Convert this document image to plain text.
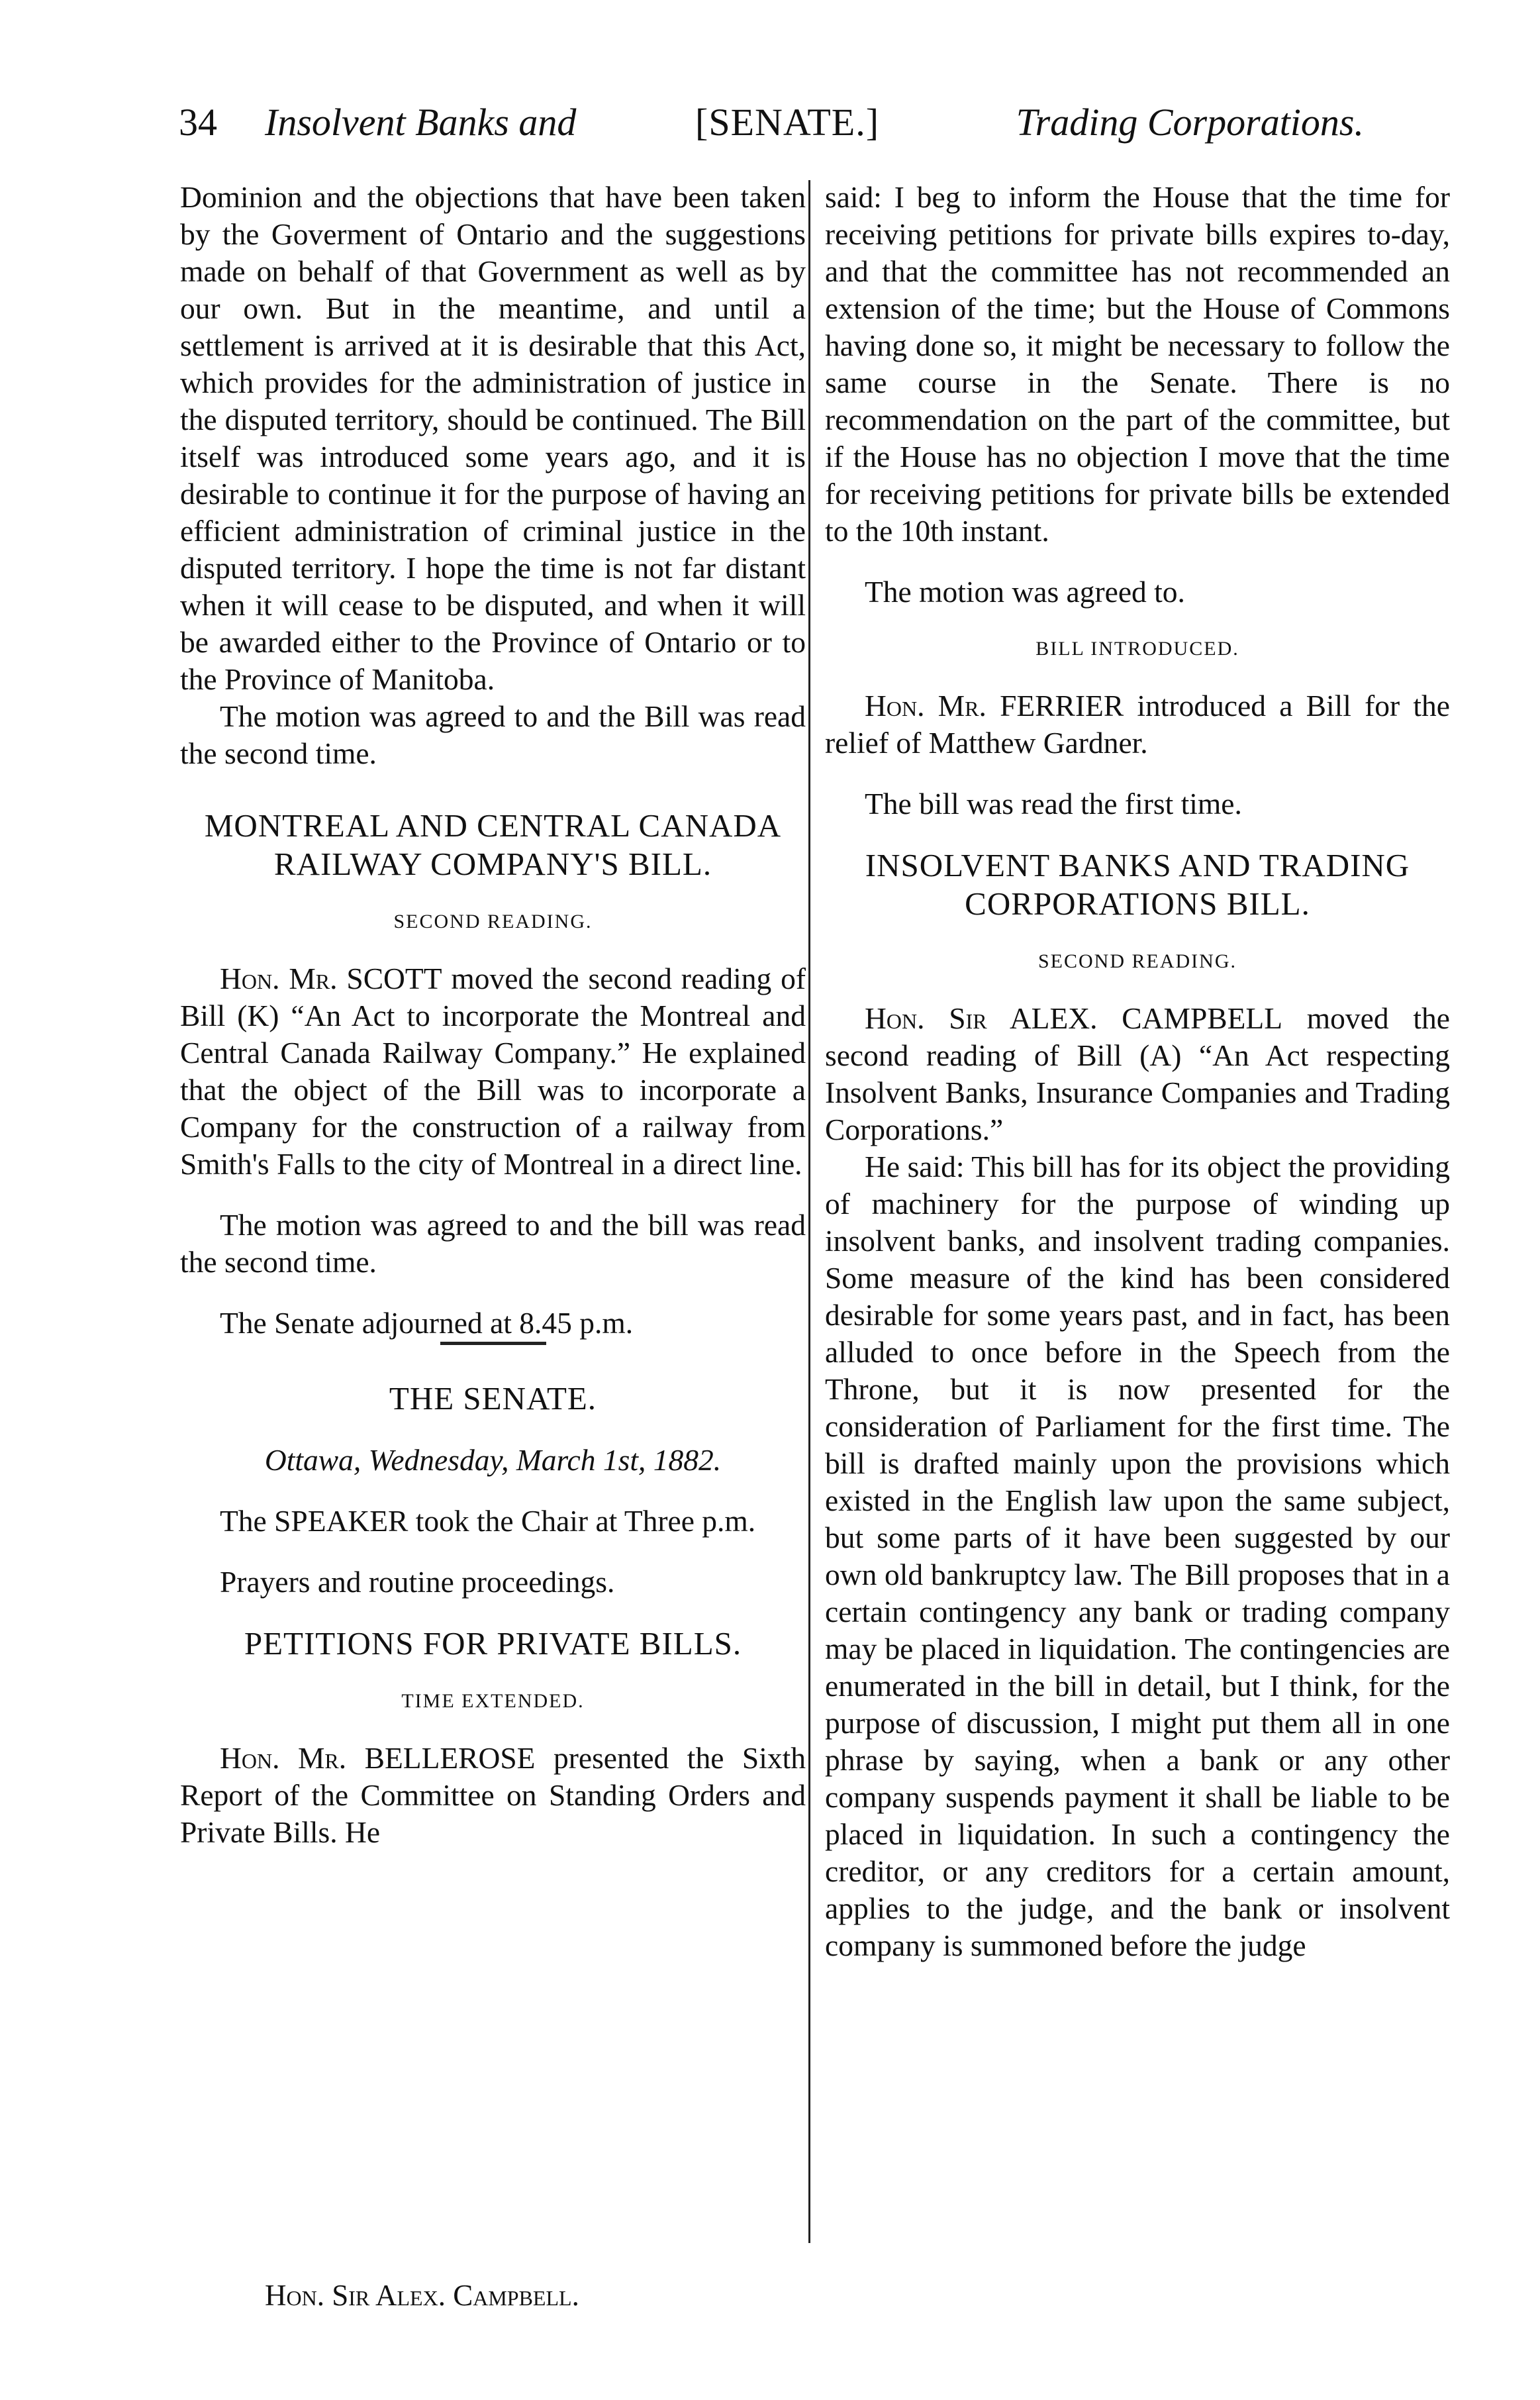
34 Insolvent Banks and	[SENATE.]	Trading Corporations.

Dominion and the objections that have been taken by the Goverment of Ontario and the suggestions made on behalf of that Government as well as by our own. But in the meantime, and until a settlement is arrived at it is desirable that this Act, which provides for the administration of justice in the disputed territory, should be continued. The Bill itself was introduced some years ago, and it is desirable to continue it for the purpose of having an efficient administration of criminal justice in the disputed territory. I hope the time is not far distant when it will cease to be disputed, and when it will be awarded either to the Province of Ontario or to the Province of Manitoba.

The motion was agreed to and the Bill was read the second time.

MONTREAL AND CENTRAL CANADA RAILWAY COMPANY'S BILL.
SECOND READING.

Hon. Mr. SCOTT moved the second reading of Bill (K) “An Act to incorporate the Montreal and Central Canada Railway Company.” He explained that the object of the Bill was to incorporate a Company for the construction of a railway from Smith's Falls to the city of Montreal in a direct line.

The motion was agreed to and the bill was read the second time.

The Senate adjourned at 8.45 p.m.

THE SENATE.

Ottawa, Wednesday, March 1st, 1882.

The SPEAKER took the Chair at Three p.m.

Prayers and routine proceedings.

PETITIONS FOR PRIVATE BILLS.
TIME EXTENDED.

Hon. Mr. BELLEROSE presented the Sixth Report of the Committee on Standing Orders and Private Bills. He

said: I beg to inform the House that the time for receiving petitions for private bills expires to-day, and that the committee has not recommended an extension of the time; but the House of Commons having done so, it might be necessary to follow the same course in the Senate. There is no recommendation on the part of the committee, but if the House has no objection I move that the time for receiving petitions for private bills be extended to the 10th instant.

The motion was agreed to.

BILL INTRODUCED.

Hon. Mr. FERRIER introduced a Bill for the relief of Matthew Gardner.

The bill was read the first time.

INSOLVENT BANKS AND TRADING CORPORATIONS BILL.
SECOND READING.

Hon. Sir ALEX. CAMPBELL moved the second reading of Bill (A) “An Act respecting Insolvent Banks, Insurance Companies and Trading Corporations.”

He said: This bill has for its object the providing of machinery for the purpose of winding up insolvent banks, and insolvent trading companies. Some measure of the kind has been considered desirable for some years past, and in fact, has been alluded to once before in the Speech from the Throne, but it is now presented for the consideration of Parliament for the first time. The bill is drafted mainly upon the provisions which existed in the English law upon the same subject, but some parts of it have been suggested by our own old bankruptcy law. The Bill proposes that in a certain contingency any bank or trading company may be placed in liquidation. The contingencies are enumerated in the bill in detail, but I think, for the purpose of discussion, I might put them all in one phrase by saying, when a bank or any other company suspends payment it shall be liable to be placed in liquidation. In such a contingency the creditor, or any creditors for a certain amount, applies to the judge, and the bank or insolvent company is summoned before the judge

Hon. Sir Alex. Campbell.
